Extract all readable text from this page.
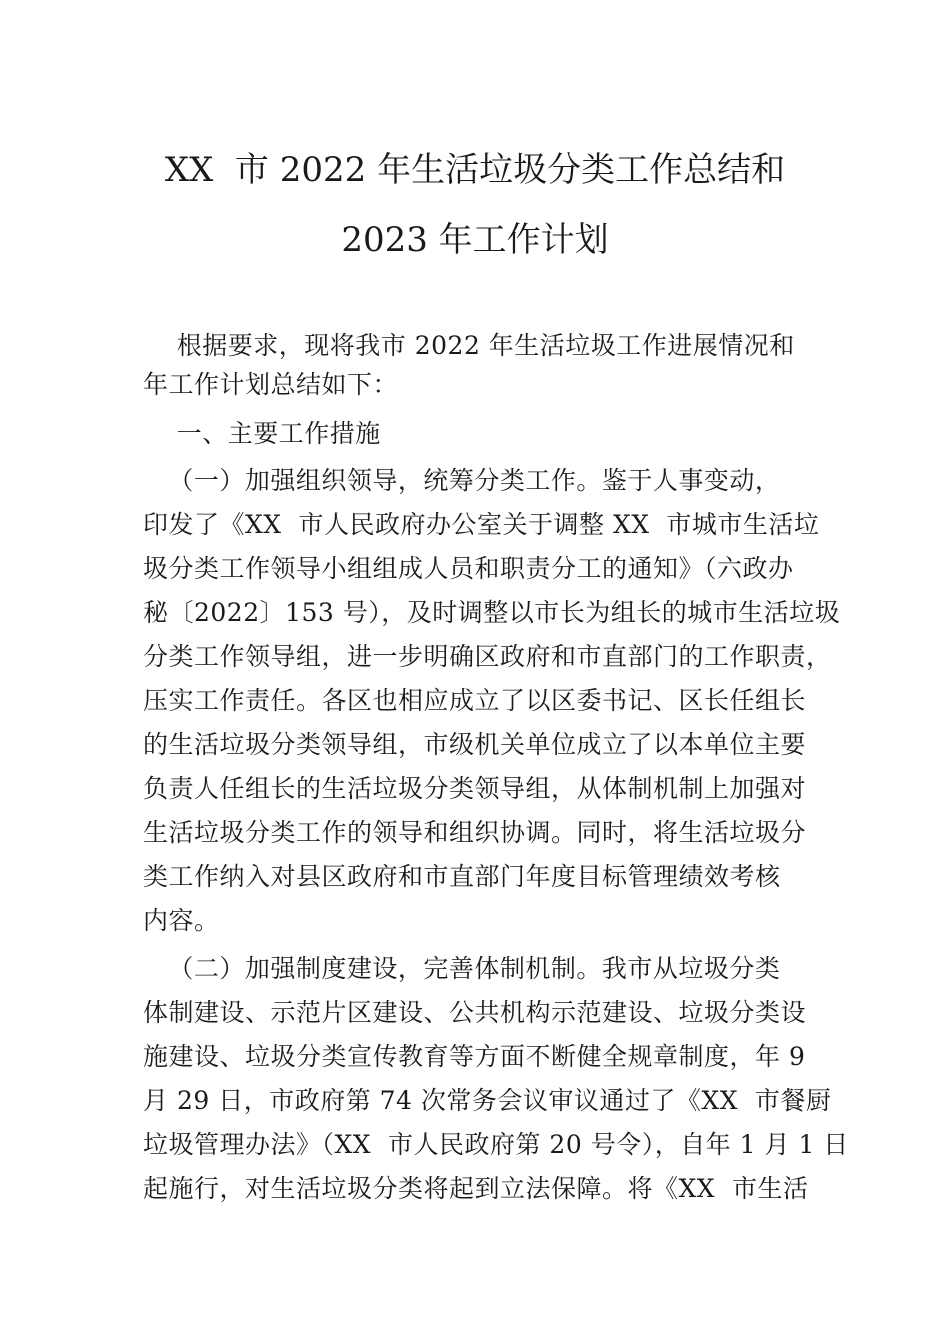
XX  市 2022 年生活垃圾分类工作总结和
2023 年工作计划
根据要求，现将我市 2022 年生活垃圾工作进展情况和
年工作计划总结如下：
一、主要工作措施
（一）加强组织领导，统筹分类工作。鉴于人事变动，
印发了《XX  市人民政府办公室关于调整 XX  市城市生活垃
圾分类工作领导小组组成人员和职责分工的通知》（六政办
秘〔2022〕153 号），及时调整以市长为组长的城市生活垃圾
分类工作领导组，进一步明确区政府和市直部门的工作职责，
压实工作责任。各区也相应成立了以区委书记、区长任组长
的生活垃圾分类领导组，市级机关单位成立了以本单位主要
负责人任组长的生活垃圾分类领导组，从体制机制上加强对
生活垃圾分类工作的领导和组织协调。同时，将生活垃圾分
类工作纳入对县区政府和市直部门年度目标管理绩效考核
内容。
（二）加强制度建设，完善体制机制。我市从垃圾分类
体制建设、示范片区建设、公共机构示范建设、垃圾分类设
施建设、垃圾分类宣传教育等方面不断健全规章制度，年 9
月 29 日，市政府第 74 次常务会议审议通过了《XX  市餐厨
垃圾管理办法》（XX  市人民政府第 20 号令），自年 1 月 1 日
起施行，对生活垃圾分类将起到立法保障。将《XX  市生活
